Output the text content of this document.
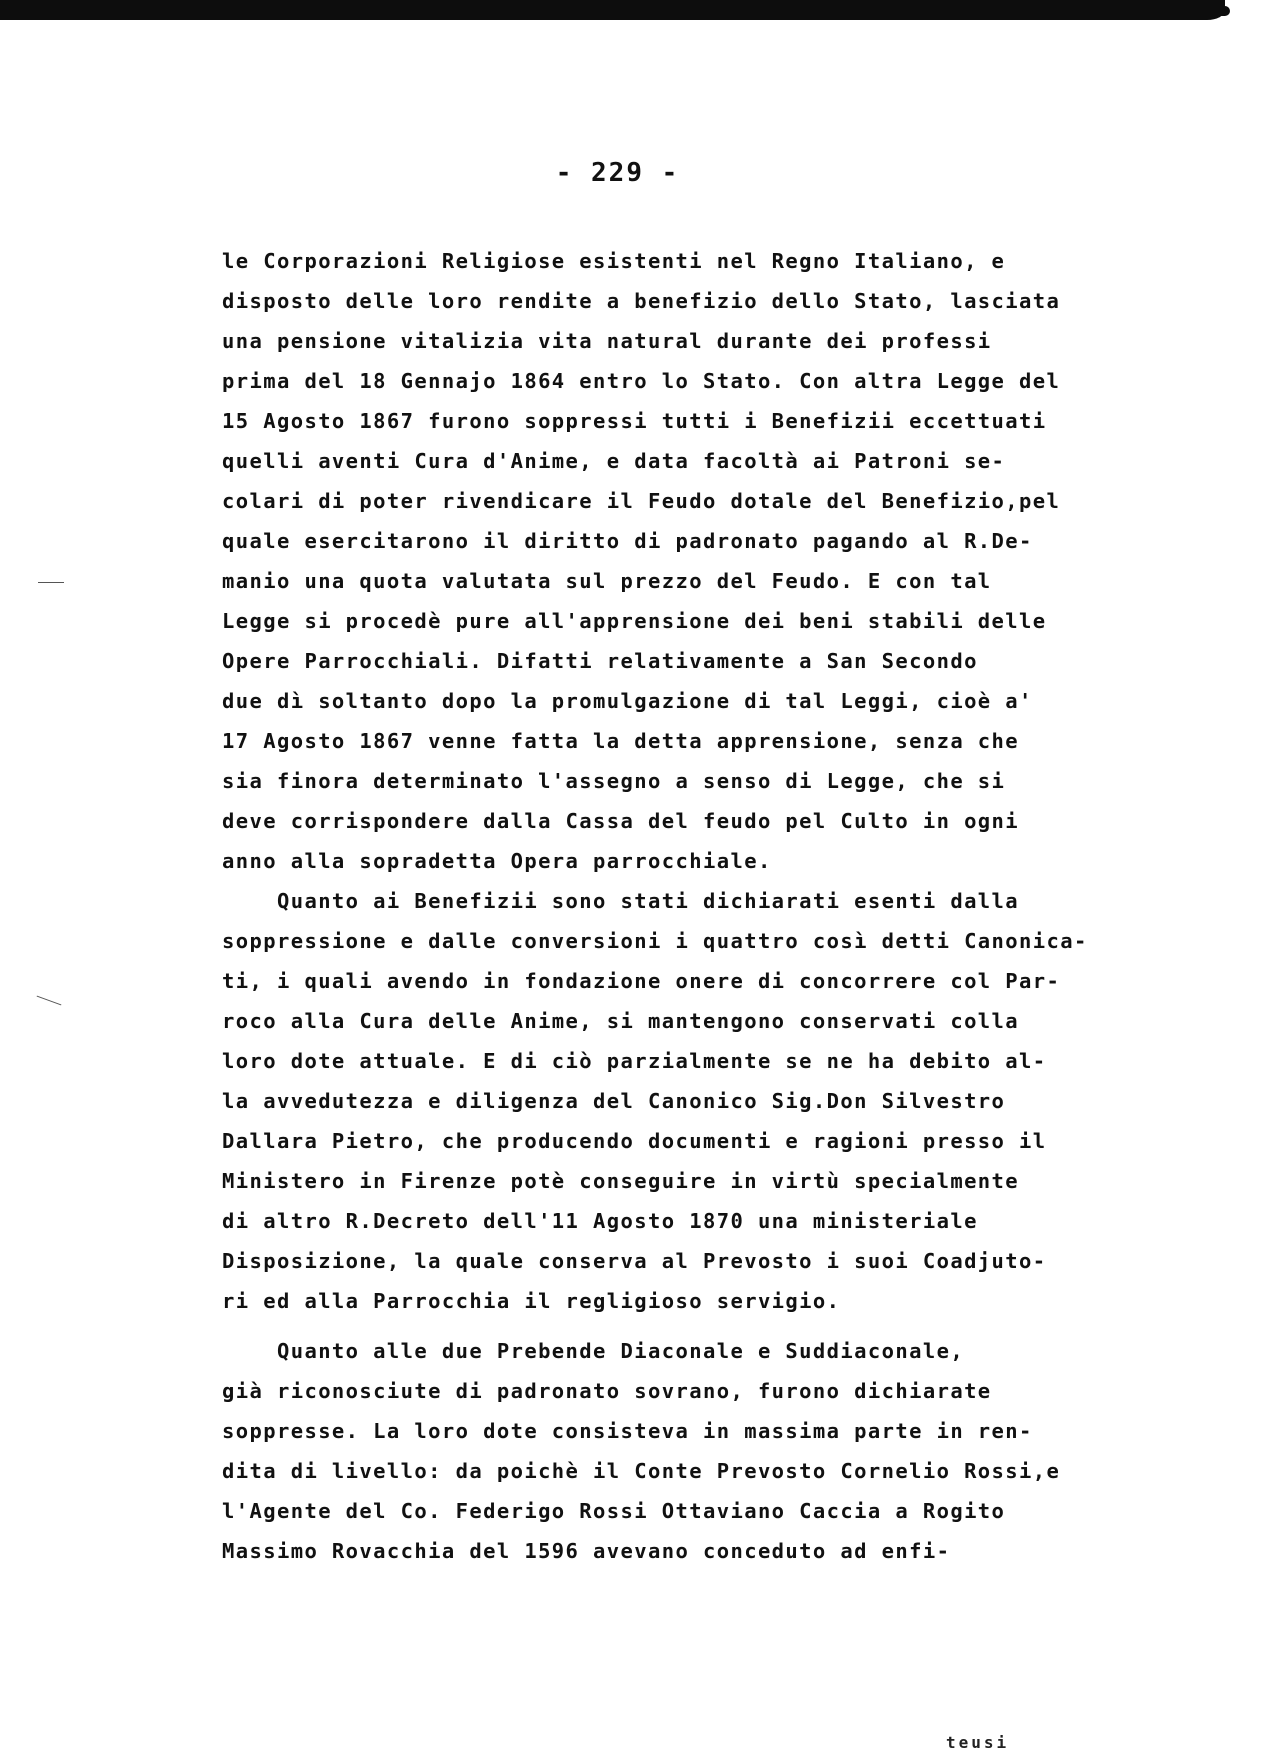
- 229 -
le Corporazioni Religiose esistenti nel Regno Italiano, e
disposto delle loro rendite a benefizio dello Stato, lasciata
una pensione vitalizia vita natural durante dei professi
prima del 18 Gennajo 1864 entro lo Stato. Con altra Legge del
15 Agosto 1867 furono soppressi tutti i Benefizii eccettuati
quelli aventi Cura d'Anime, e data facoltà ai Patroni se-
colari di poter rivendicare il Feudo dotale del Benefizio,pel
quale esercitarono il diritto di padronato pagando al R.De-
manio una quota valutata sul prezzo del Feudo. E con tal
Legge si procedè pure all'apprensione dei beni stabili delle
Opere Parrocchiali. Difatti relativamente a San Secondo
due dì soltanto dopo la promulgazione di tal Leggi, cioè a'
17 Agosto 1867 venne fatta la detta apprensione, senza che
sia finora determinato l'assegno a senso di Legge, che si
deve corrispondere dalla Cassa del feudo pel Culto in ogni
anno alla sopradetta Opera parrocchiale.
Quanto ai Benefizii sono stati dichiarati esenti dalla
soppressione e dalle conversioni i quattro così detti Canonica-
ti, i quali avendo in fondazione onere di concorrere col Par-
roco alla Cura delle Anime, si mantengono conservati colla
loro dote attuale. E di ciò parzialmente se ne ha debito al-
la avvedutezza e diligenza del Canonico Sig.Don Silvestro
Dallara Pietro, che producendo documenti e ragioni presso il
Ministero in Firenze potè conseguire in virtù specialmente
di altro R.Decreto dell'11 Agosto 1870 una ministeriale
Disposizione, la quale conserva al Prevosto i suoi Coadjuto-
ri ed alla Parrocchia il regligioso servigio.
Quanto alle due Prebende Diaconale e Suddiaconale,
già riconosciute di padronato sovrano, furono dichiarate
soppresse. La loro dote consisteva in massima parte in ren-
dita di livello: da poichè il Conte Prevosto Cornelio Rossi,e
l'Agente del Co. Federigo Rossi Ottaviano Caccia a Rogito
Massimo Rovacchia del 1596 avevano conceduto ad enfi-
teusi
